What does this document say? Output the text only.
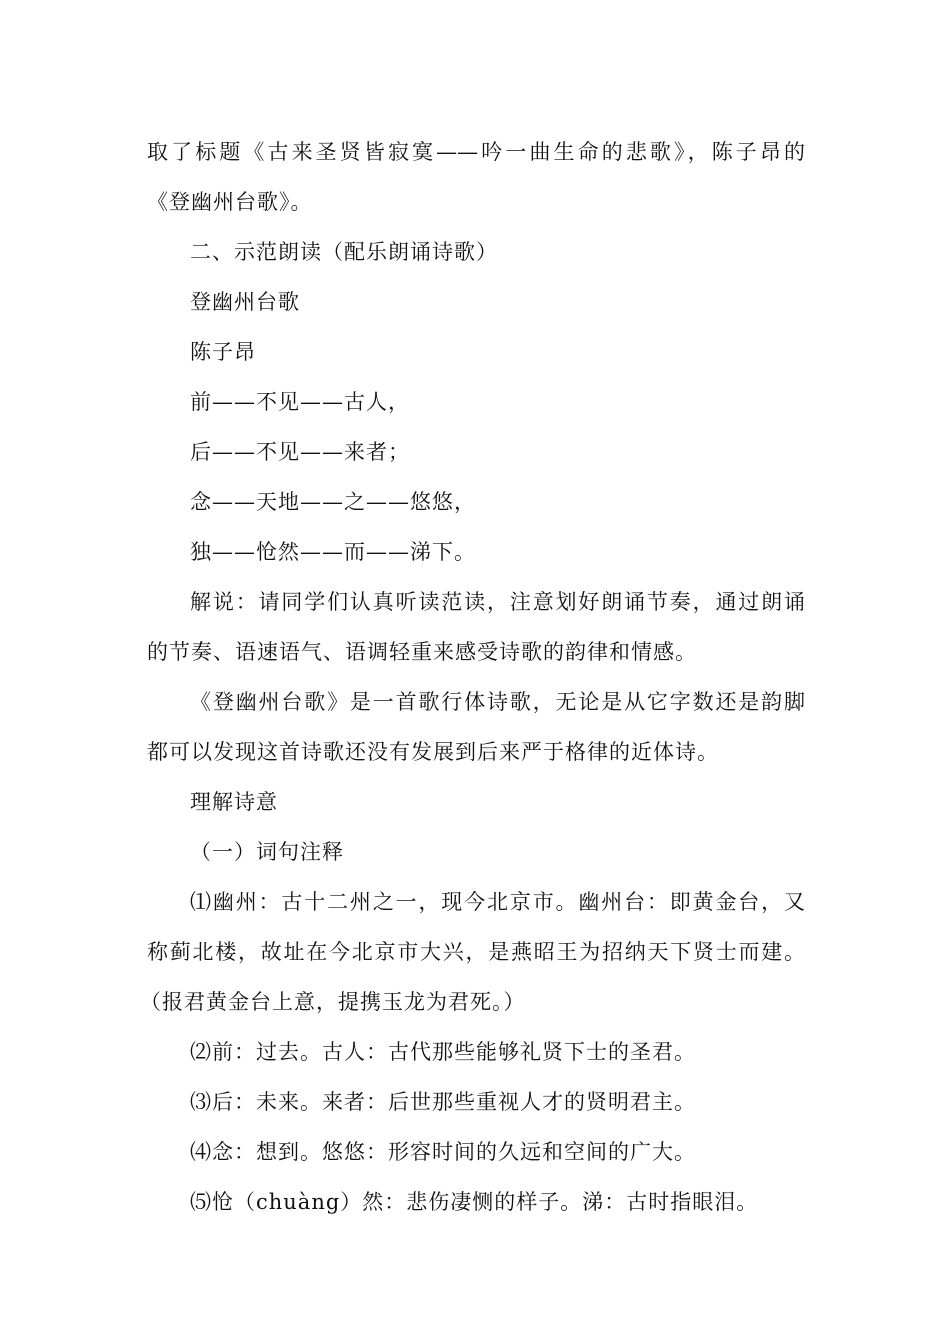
取了标题《古来圣贤皆寂寞——吟一曲生命的悲歌》，陈子昂的
《登幽州台歌》。
二、示范朗读（配乐朗诵诗歌）
登幽州台歌
陈子昂
前——不见——古人，
后——不见——来者；
念——天地——之——悠悠，
独——怆然——而——涕下。
解说：请同学们认真听读范读，注意划好朗诵节奏，通过朗诵
的节奏、语速语气、语调轻重来感受诗歌的韵律和情感。
《登幽州台歌》是一首歌行体诗歌，无论是从它字数还是韵脚
都可以发现这首诗歌还没有发展到后来严于格律的近体诗。
理解诗意
（一）词句注释
⑴幽州：古十二州之一，现今北京市。幽州台：即黄金台，又
称蓟北楼，故址在今北京市大兴，是燕昭王为招纳天下贤士而建。
（报君黄金台上意，提携玉龙为君死。）
⑵前：过去。古人：古代那些能够礼贤下士的圣君。
⑶后：未来。来者：后世那些重视人才的贤明君主。
⑷念：想到。悠悠：形容时间的久远和空间的广大。
⑸怆（chuàng）然：悲伤凄恻的样子。涕：古时指眼泪。
